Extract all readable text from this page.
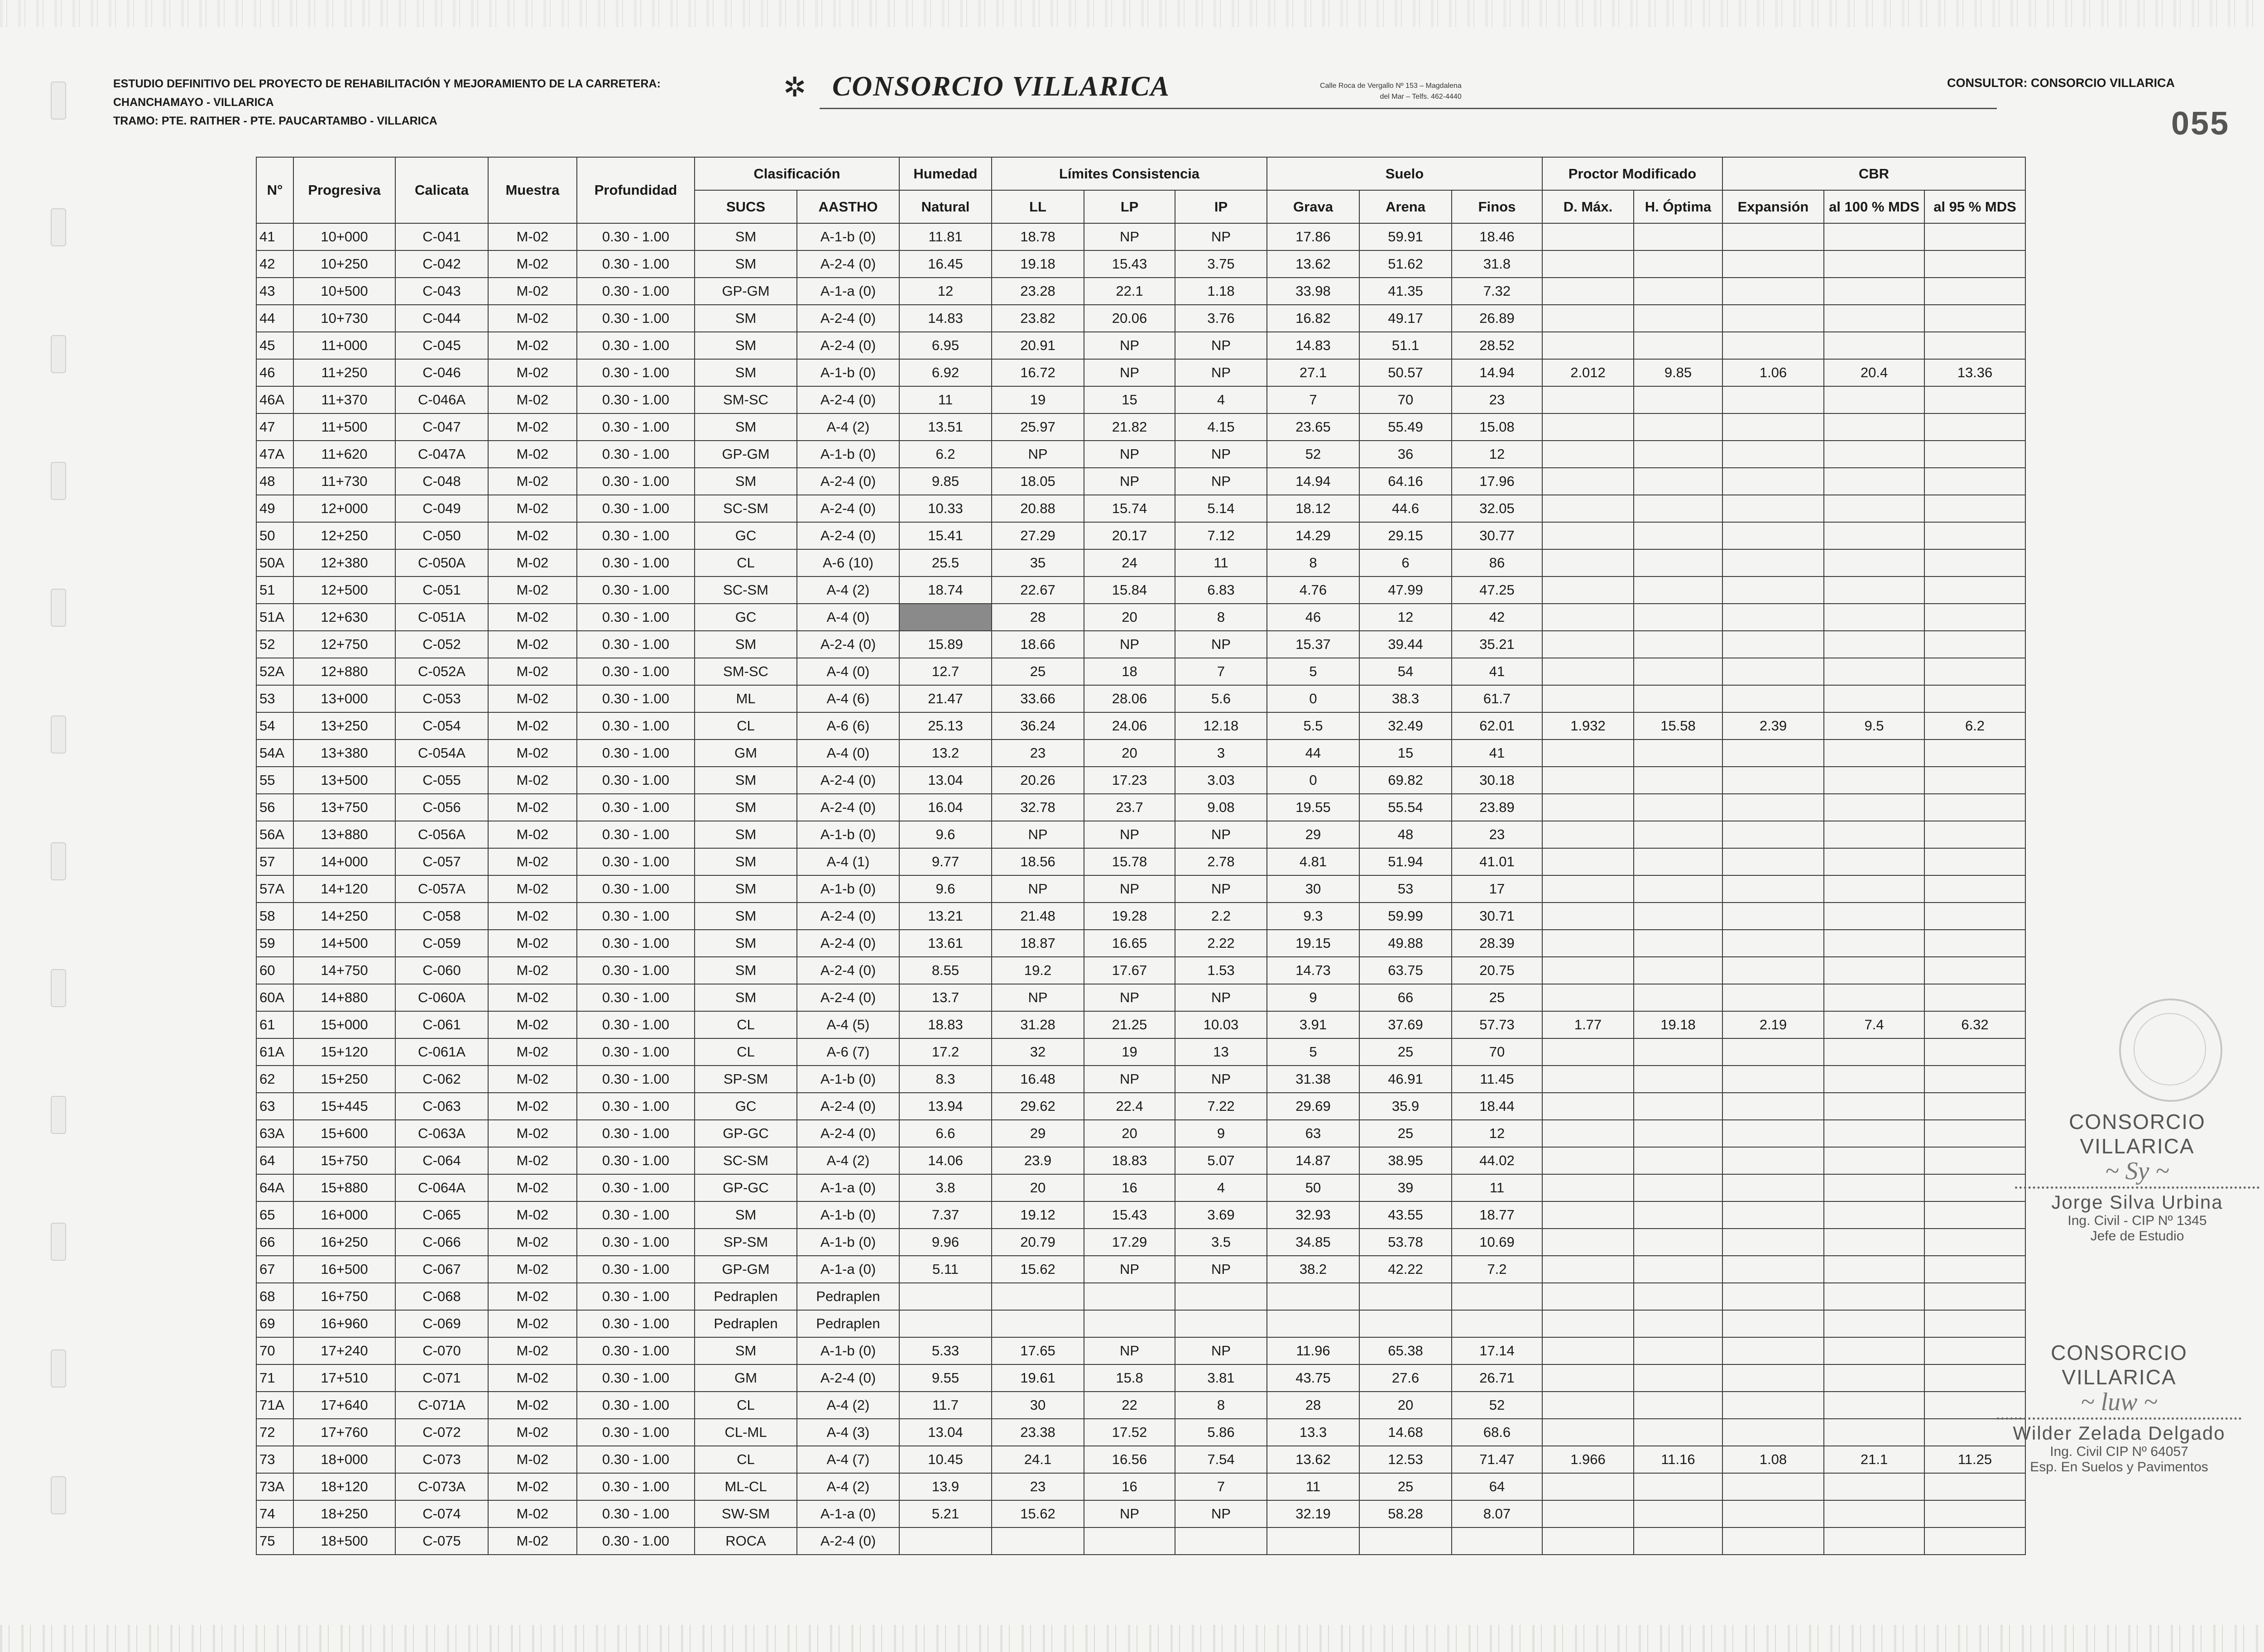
ESTUDIO DEFINITIVO DEL PROYECTO DE REHABILITACIÓN Y MEJORAMIENTO DE LA CARRETERA:
CHANCHAMAYO - VILLARICA
TRAMO: PTE. RAITHER - PTE. PAUCARTAMBO - VILLARICA
✲ CONSORCIO VILLARICA	Calle Roca de Vergallo Nº 153 – Magdalena
del Mar – Telfs. 462-4440
CONSULTOR: CONSORCIO VILLARICA
055
N°	Progresiva	Calicata	Muestra	Profundidad	Clasificación		Humedad	Límites Consistencia			Suelo			Proctor Modificado		CBR		
					SUCS	AASTHO	Natural	LL	LP	IP	Grava	Arena	Finos	D. Máx.	H. Óptima	Expansión	al 100 % MDS	al 95 % MDS
41	10+000	C-041	M-02	0.30 - 1.00	SM	A-1-b (0)	11.81	18.78	NP	NP	17.86	59.91	18.46					
42	10+250	C-042	M-02	0.30 - 1.00	SM	A-2-4 (0)	16.45	19.18	15.43	3.75	13.62	51.62	31.8					
43	10+500	C-043	M-02	0.30 - 1.00	GP-GM	A-1-a (0)	12	23.28	22.1	1.18	33.98	41.35	7.32					
44	10+730	C-044	M-02	0.30 - 1.00	SM	A-2-4 (0)	14.83	23.82	20.06	3.76	16.82	49.17	26.89					
45	11+000	C-045	M-02	0.30 - 1.00	SM	A-2-4 (0)	6.95	20.91	NP	NP	14.83	51.1	28.52					
46	11+250	C-046	M-02	0.30 - 1.00	SM	A-1-b (0)	6.92	16.72	NP	NP	27.1	50.57	14.94	2.012	9.85	1.06	20.4	13.36
46A	11+370	C-046A	M-02	0.30 - 1.00	SM-SC	A-2-4 (0)	11	19	15	4	7	70	23					
47	11+500	C-047	M-02	0.30 - 1.00	SM	A-4 (2)	13.51	25.97	21.82	4.15	23.65	55.49	15.08					
47A	11+620	C-047A	M-02	0.30 - 1.00	GP-GM	A-1-b (0)	6.2	NP	NP	NP	52	36	12					
48	11+730	C-048	M-02	0.30 - 1.00	SM	A-2-4 (0)	9.85	18.05	NP	NP	14.94	64.16	17.96					
49	12+000	C-049	M-02	0.30 - 1.00	SC-SM	A-2-4 (0)	10.33	20.88	15.74	5.14	18.12	44.6	32.05					
50	12+250	C-050	M-02	0.30 - 1.00	GC	A-2-4 (0)	15.41	27.29	20.17	7.12	14.29	29.15	30.77					
50A	12+380	C-050A	M-02	0.30 - 1.00	CL	A-6 (10)	25.5	35	24	11	8	6	86					
51	12+500	C-051	M-02	0.30 - 1.00	SC-SM	A-4 (2)	18.74	22.67	15.84	6.83	4.76	47.99	47.25					
51A	12+630	C-051A	M-02	0.30 - 1.00	GC	A-4 (0)		28	20	8	46	12	42					
52	12+750	C-052	M-02	0.30 - 1.00	SM	A-2-4 (0)	15.89	18.66	NP	NP	15.37	39.44	35.21					
52A	12+880	C-052A	M-02	0.30 - 1.00	SM-SC	A-4 (0)	12.7	25	18	7	5	54	41					
53	13+000	C-053	M-02	0.30 - 1.00	ML	A-4 (6)	21.47	33.66	28.06	5.6	0	38.3	61.7					
54	13+250	C-054	M-02	0.30 - 1.00	CL	A-6 (6)	25.13	36.24	24.06	12.18	5.5	32.49	62.01	1.932	15.58	2.39	9.5	6.2
54A	13+380	C-054A	M-02	0.30 - 1.00	GM	A-4 (0)	13.2	23	20	3	44	15	41					
55	13+500	C-055	M-02	0.30 - 1.00	SM	A-2-4 (0)	13.04	20.26	17.23	3.03	0	69.82	30.18					
56	13+750	C-056	M-02	0.30 - 1.00	SM	A-2-4 (0)	16.04	32.78	23.7	9.08	19.55	55.54	23.89					
56A	13+880	C-056A	M-02	0.30 - 1.00	SM	A-1-b (0)	9.6	NP	NP	NP	29	48	23					
57	14+000	C-057	M-02	0.30 - 1.00	SM	A-4 (1)	9.77	18.56	15.78	2.78	4.81	51.94	41.01					
57A	14+120	C-057A	M-02	0.30 - 1.00	SM	A-1-b (0)	9.6	NP	NP	NP	30	53	17					
58	14+250	C-058	M-02	0.30 - 1.00	SM	A-2-4 (0)	13.21	21.48	19.28	2.2	9.3	59.99	30.71					
59	14+500	C-059	M-02	0.30 - 1.00	SM	A-2-4 (0)	13.61	18.87	16.65	2.22	19.15	49.88	28.39					
60	14+750	C-060	M-02	0.30 - 1.00	SM	A-2-4 (0)	8.55	19.2	17.67	1.53	14.73	63.75	20.75					
60A	14+880	C-060A	M-02	0.30 - 1.00	SM	A-2-4 (0)	13.7	NP	NP	NP	9	66	25					
61	15+000	C-061	M-02	0.30 - 1.00	CL	A-4 (5)	18.83	31.28	21.25	10.03	3.91	37.69	57.73	1.77	19.18	2.19	7.4	6.32
61A	15+120	C-061A	M-02	0.30 - 1.00	CL	A-6 (7)	17.2	32	19	13	5	25	70					
62	15+250	C-062	M-02	0.30 - 1.00	SP-SM	A-1-b (0)	8.3	16.48	NP	NP	31.38	46.91	11.45					
63	15+445	C-063	M-02	0.30 - 1.00	GC	A-2-4 (0)	13.94	29.62	22.4	7.22	29.69	35.9	18.44					
63A	15+600	C-063A	M-02	0.30 - 1.00	GP-GC	A-2-4 (0)	6.6	29	20	9	63	25	12					
64	15+750	C-064	M-02	0.30 - 1.00	SC-SM	A-4 (2)	14.06	23.9	18.83	5.07	14.87	38.95	44.02					
64A	15+880	C-064A	M-02	0.30 - 1.00	GP-GC	A-1-a (0)	3.8	20	16	4	50	39	11					
65	16+000	C-065	M-02	0.30 - 1.00	SM	A-1-b (0)	7.37	19.12	15.43	3.69	32.93	43.55	18.77					
66	16+250	C-066	M-02	0.30 - 1.00	SP-SM	A-1-b (0)	9.96	20.79	17.29	3.5	34.85	53.78	10.69					
67	16+500	C-067	M-02	0.30 - 1.00	GP-GM	A-1-a (0)	5.11	15.62	NP	NP	38.2	42.22	7.2					
68	16+750	C-068	M-02	0.30 - 1.00	Pedraplen	Pedraplen												
69	16+960	C-069	M-02	0.30 - 1.00	Pedraplen	Pedraplen												
70	17+240	C-070	M-02	0.30 - 1.00	SM	A-1-b (0)	5.33	17.65	NP	NP	11.96	65.38	17.14					
71	17+510	C-071	M-02	0.30 - 1.00	GM	A-2-4 (0)	9.55	19.61	15.8	3.81	43.75	27.6	26.71					
71A	17+640	C-071A	M-02	0.30 - 1.00	CL	A-4 (2)	11.7	30	22	8	28	20	52					
72	17+760	C-072	M-02	0.30 - 1.00	CL-ML	A-4 (3)	13.04	23.38	17.52	5.86	13.3	14.68	68.6					
73	18+000	C-073	M-02	0.30 - 1.00	CL	A-4 (7)	10.45	24.1	16.56	7.54	13.62	12.53	71.47	1.966	11.16	1.08	21.1	11.25
73A	18+120	C-073A	M-02	0.30 - 1.00	ML-CL	A-4 (2)	13.9	23	16	7	11	25	64					
74	18+250	C-074	M-02	0.30 - 1.00	SW-SM	A-1-a (0)	5.21	15.62	NP	NP	32.19	58.28	8.07					
75	18+500	C-075	M-02	0.30 - 1.00	ROCA	A-2-4 (0)												
CONSORCIO VILLARICA
~ Sy ~
Jorge Silva Urbina
Ing. Civil - CIP Nº 1345
Jefe de Estudio
CONSORCIO VILLARICA
~ luw ~
Wilder Zelada Delgado
Ing. Civil CIP Nº 64057
Esp. En Suelos y Pavimentos
